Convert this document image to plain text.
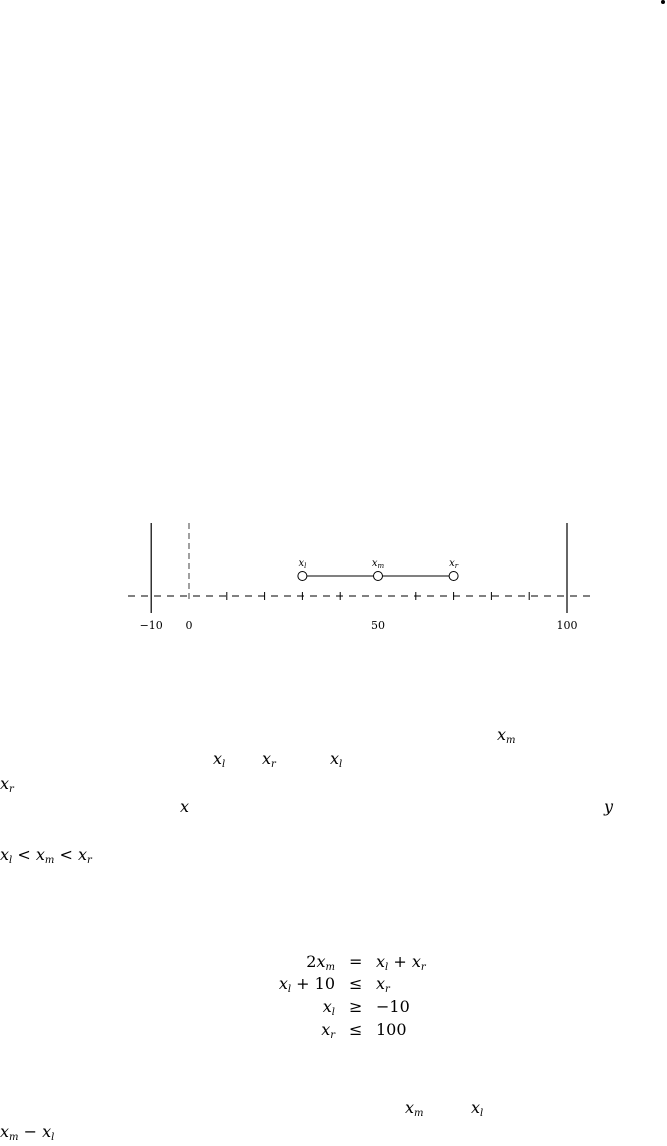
−10 0	50	100
$x_l$	$x_m$	$x_r$
$x_m$
$x_l$ $x_r$	$x_l$
$x_r$
x	y
$x_l < x_m < x_r$
$2x_m = x_l + x_r$
$x_l + 10 \le x_r$
$x_l \ge -10$
$x_r \le 100$
$x_m$	$x_l$
$x_m - x_l$
